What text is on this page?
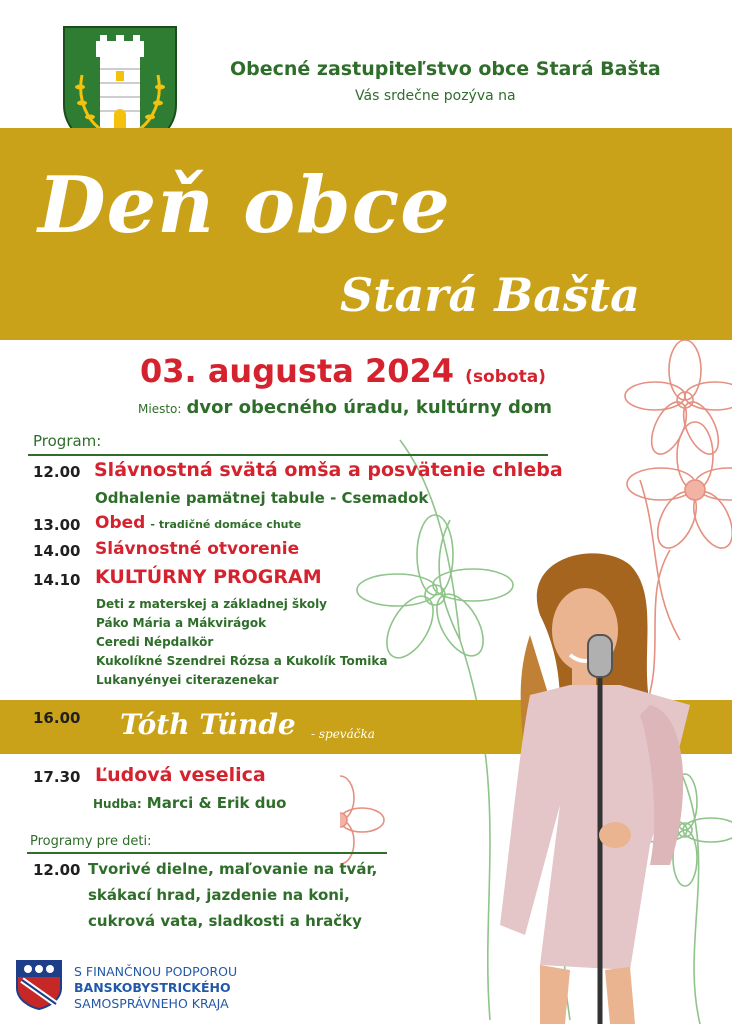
Obecné zastupiteľstvo obce Stará Bašta
Vás srdečne pozýva na
Deň obce
Stará Bašta
03. augusta 2024 (sobota)
Miesto: dvor obecného úradu, kultúrny dom
Program:
12.00 Slávnostná svätá omša a posvätenie chleba
Odhalenie pamätnej tabule - Csemadok
13.00 Obed - tradičné domáce chute
14.00 Slávnostné otvorenie
14.10 KULTÚRNY PROGRAM
Deti z materskej a základnej školy
Páko Mária a Mákvirágok
Ceredi Népdalkör
Kukolíkné Szendrei Rózsa a Kukolík Tomika
Lukanyényei citerazenekar
16.00 Tóth Tünde - speváčka
17.30 Ľudová veselica
Hudba: Marci & Erik duo
Programy pre deti:
12.00 Tvorivé dielne, maľovanie na tvár,
skákací hrad, jazdenie na koni,
cukrová vata, sladkosti a hračky
S FINANČNOU PODPOROU
BANSKOBYSTRICKÉHO
SAMOSPRÁVNEHO KRAJA
